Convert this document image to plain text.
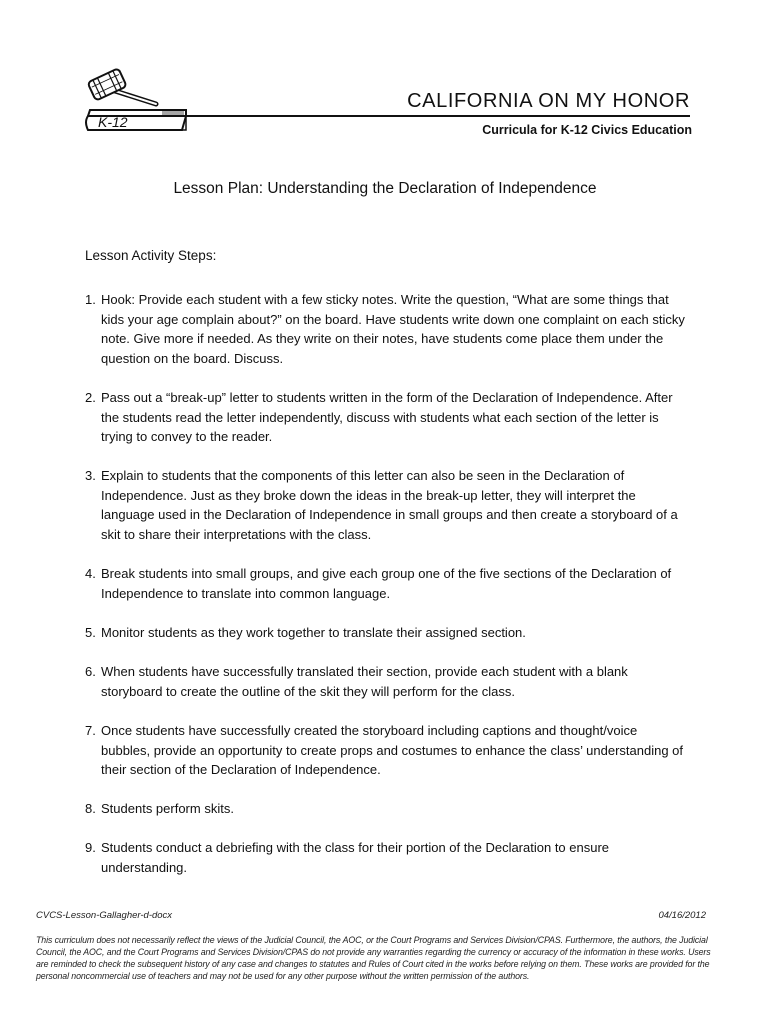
K-12
CALIFORNIA ON MY HONOR
Curricula for K-12 Civics Education
Lesson Plan: Understanding the Declaration of Independence
Lesson Activity Steps:
1. Hook: Provide each student with a few sticky notes. Write the question, “What are some things that kids your age complain about?” on the board. Have students write down one complaint on each sticky note. Give more if needed. As they write on their notes, have students come place them under the question on the board. Discuss.
2. Pass out a “break-up” letter to students written in the form of the Declaration of Independence. After the students read the letter independently, discuss with students what each section of the letter is trying to convey to the reader.
3. Explain to students that the components of this letter can also be seen in the Declaration of Independence. Just as they broke down the ideas in the break-up letter, they will interpret the language used in the Declaration of Independence in small groups and then create a storyboard of a skit to share their interpretations with the class.
4. Break students into small groups, and give each group one of the five sections of the Declaration of Independence to translate into common language.
5. Monitor students as they work together to translate their assigned section.
6. When students have successfully translated their section, provide each student with a blank storyboard to create the outline of the skit they will perform for the class.
7. Once students have successfully created the storyboard including captions and thought/voice bubbles, provide an opportunity to create props and costumes to enhance the class’ understanding of their section of the Declaration of Independence.
8. Students perform skits.
9. Students conduct a debriefing with the class for their portion of the Declaration to ensure understanding.
CVCS-Lesson-Gallagher-d-docx	04/16/2012
This curriculum does not necessarily reflect the views of the Judicial Council, the AOC, or the Court Programs and Services Division/CPAS. Furthermore, the authors, the Judicial Council, the AOC, and the Court Programs and Services Division/CPAS do not provide any warranties regarding the currency or accuracy of the information in these works. Users are reminded to check the subsequent history of any case and changes to statutes and Rules of Court cited in the works before relying on them. These works are provided for the personal noncommercial use of teachers and may not be used for any other purpose without the written permission of the authors.
